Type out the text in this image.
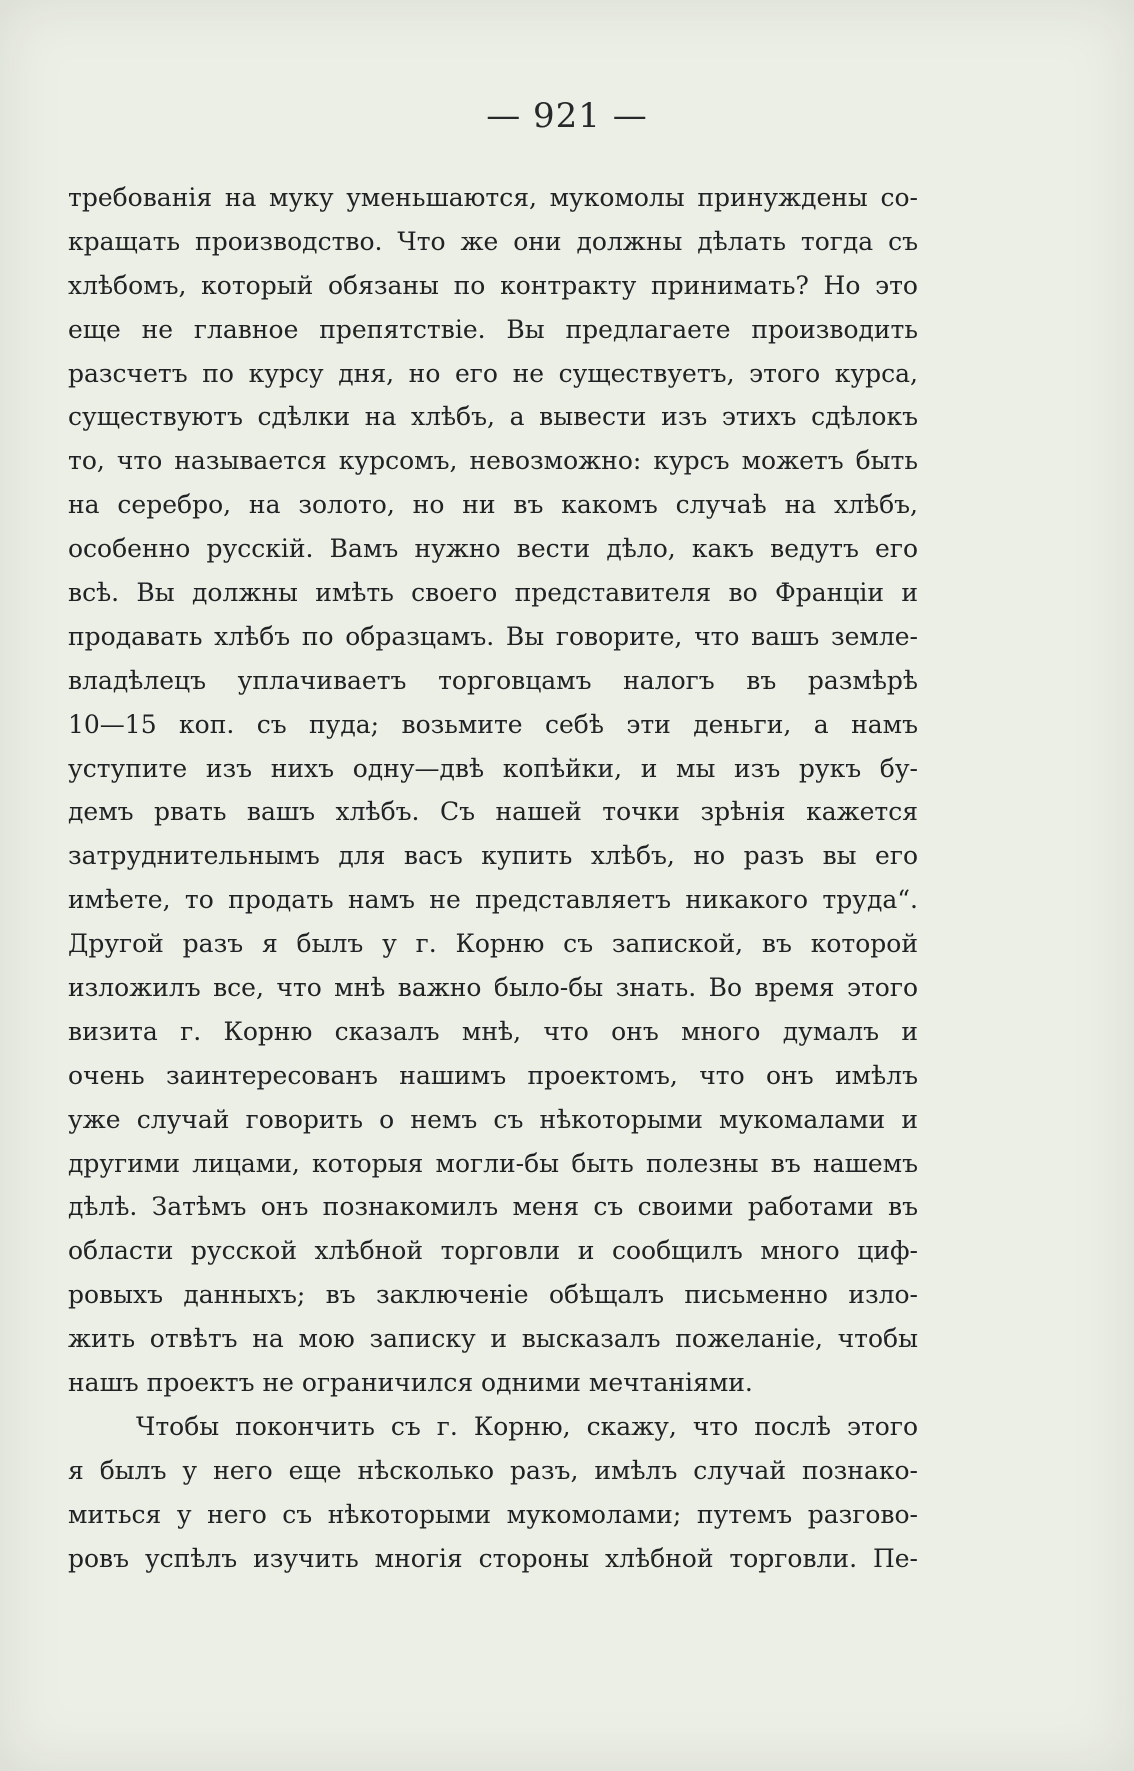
— 921 —
требованія на муку уменьшаются, мукомолы принуждены со-
кращать производство. Что же они должны дѣлать тогда съ
хлѣбомъ, который обязаны по контракту принимать? Но это
еще не главное препятствіе. Вы предлагаете производить
разсчетъ по курсу дня, но его не существуетъ, этого курса,
существуютъ сдѣлки на хлѣбъ, а вывести изъ этихъ сдѣлокъ
то, что называется курсомъ, невозможно: курсъ можетъ быть
на серебро, на золото, но ни въ какомъ случаѣ на хлѣбъ,
особенно русскій. Вамъ нужно вести дѣло, какъ ведутъ его
всѣ. Вы должны имѣть своего представителя во Франціи и
продавать хлѣбъ по образцамъ. Вы говорите, что вашъ земле-
владѣлецъ уплачиваетъ торговцамъ налогъ въ размѣрѣ
10—15 коп. съ пуда; возьмите себѣ эти деньги, а намъ
уступите изъ нихъ одну—двѣ копѣйки, и мы изъ рукъ бу-
демъ рвать вашъ хлѣбъ. Съ нашей точки зрѣнія кажется
затруднительнымъ для васъ купить хлѣбъ, но разъ вы его
имѣете, то продать намъ не представляетъ никакого труда“.
Другой разъ я былъ у г. Корню съ запиской, въ которой
изложилъ все, что мнѣ важно было-бы знать. Во время этого
визита г. Корню сказалъ мнѣ, что онъ много думалъ и
очень заинтересованъ нашимъ проектомъ, что онъ имѣлъ
уже случай говорить о немъ съ нѣкоторыми мукомалами и
другими лицами, которыя могли-бы быть полезны въ нашемъ
дѣлѣ. Затѣмъ онъ познакомилъ меня съ своими работами въ
области русской хлѣбной торговли и сообщилъ много циф-
ровыхъ данныхъ; въ заключеніе обѣщалъ письменно изло-
жить отвѣтъ на мою записку и высказалъ пожеланіе, чтобы
нашъ проектъ не ограничился одними мечтаніями.
Чтобы покончить съ г. Корню, скажу, что послѣ этого
я былъ у него еще нѣсколько разъ, имѣлъ случай познако-
миться у него съ нѣкоторыми мукомолами; путемъ разгово-
ровъ успѣлъ изучить многія стороны хлѣбной торговли. Пе-
